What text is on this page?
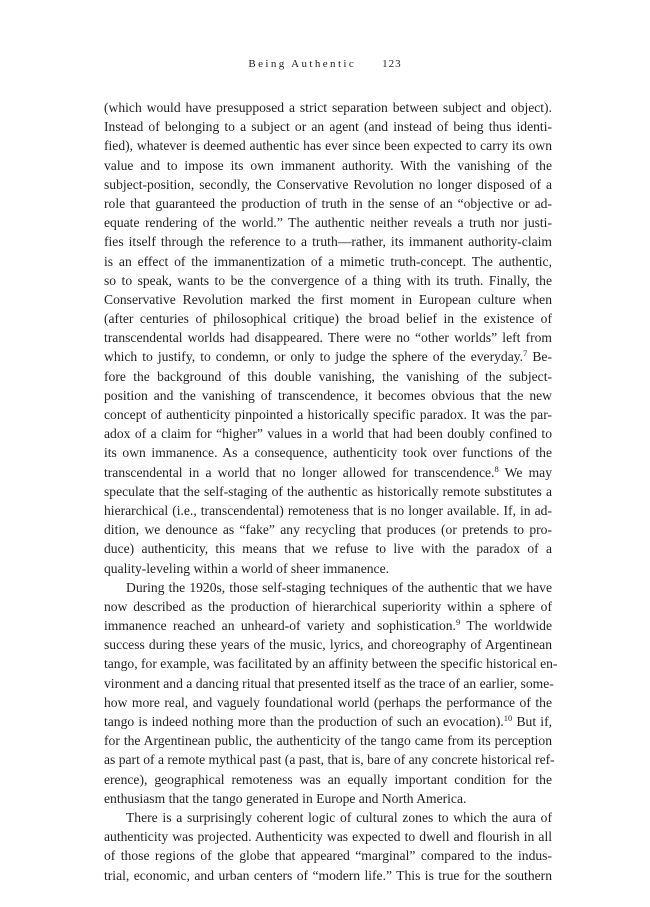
Being Authentic 123
(which would have presupposed a strict separation between subject and object).
Instead of belonging to a subject or an agent (and instead of being thus identi-
fied), whatever is deemed authentic has ever since been expected to carry its own
value and to impose its own immanent authority. With the vanishing of the
subject-position, secondly, the Conservative Revolution no longer disposed of a
role that guaranteed the production of truth in the sense of an “objective or ad-
equate rendering of the world.” The authentic neither reveals a truth nor justi-
fies itself through the reference to a truth—rather, its immanent authority-claim
is an effect of the immanentization of a mimetic truth-concept. The authentic,
so to speak, wants to be the convergence of a thing with its truth. Finally, the
Conservative Revolution marked the first moment in European culture when
(after centuries of philosophical critique) the broad belief in the existence of
transcendental worlds had disappeared. There were no “other worlds” left from
which to justify, to condemn, or only to judge the sphere of the everyday.$^7$ Be-
fore the background of this double vanishing, the vanishing of the subject-
position and the vanishing of transcendence, it becomes obvious that the new
concept of authenticity pinpointed a historically specific paradox. It was the par-
adox of a claim for “higher” values in a world that had been doubly confined to
its own immanence. As a consequence, authenticity took over functions of the
transcendental in a world that no longer allowed for transcendence.$^8$ We may
speculate that the self-staging of the authentic as historically remote substitutes a
hierarchical (i.e., transcendental) remoteness that is no longer available. If, in ad-
dition, we denounce as “fake” any recycling that produces (or pretends to pro-
duce) authenticity, this means that we refuse to live with the paradox of a
quality-leveling within a world of sheer immanence.
During the 1920s, those self-staging techniques of the authentic that we have
now described as the production of hierarchical superiority within a sphere of
immanence reached an unheard-of variety and sophistication.$^9$ The worldwide
success during these years of the music, lyrics, and choreography of Argentinean
tango, for example, was facilitated by an affinity between the specific historical en-
vironment and a dancing ritual that presented itself as the trace of an earlier, some-
how more real, and vaguely foundational world (perhaps the performance of the
tango is indeed nothing more than the production of such an evocation).$^{10}$ But if,
for the Argentinean public, the authenticity of the tango came from its perception
as part of a remote mythical past (a past, that is, bare of any concrete historical ref-
erence), geographical remoteness was an equally important condition for the
enthusiasm that the tango generated in Europe and North America.
There is a surprisingly coherent logic of cultural zones to which the aura of
authenticity was projected. Authenticity was expected to dwell and flourish in all
of those regions of the globe that appeared “marginal” compared to the indus-
trial, economic, and urban centers of “modern life.” This is true for the southern
